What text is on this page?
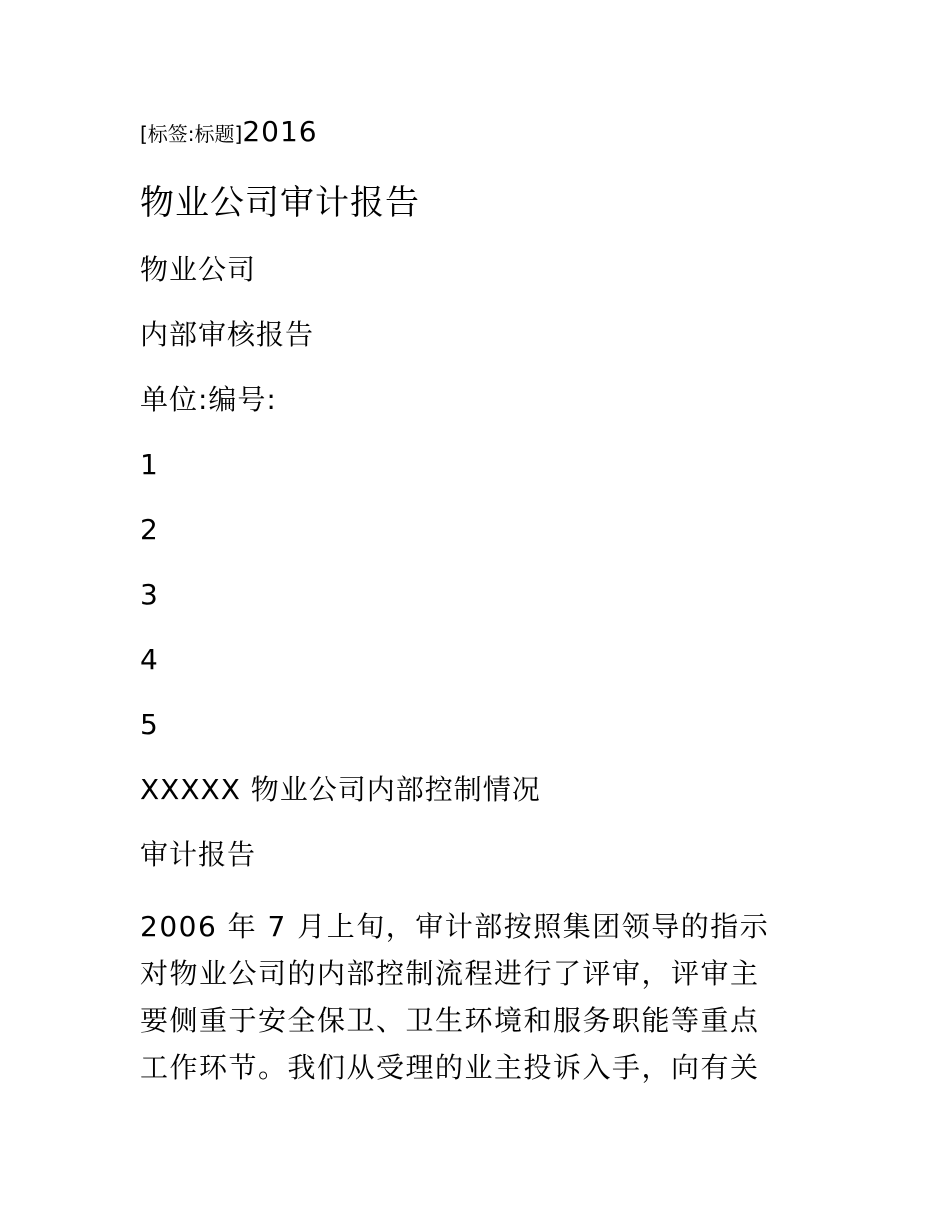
[标签:标题]2016
物业公司审计报告
物业公司
内部审核报告
单位:编号:
1
2
3
4
5
XXXXX 物业公司内部控制情况
审计报告
2006 年 7 月上旬，审计部按照集团领导的指示
对物业公司的内部控制流程进行了评审，评审主
要侧重于安全保卫、卫生环境和服务职能等重点
工作环节。我们从受理的业主投诉入手，向有关
